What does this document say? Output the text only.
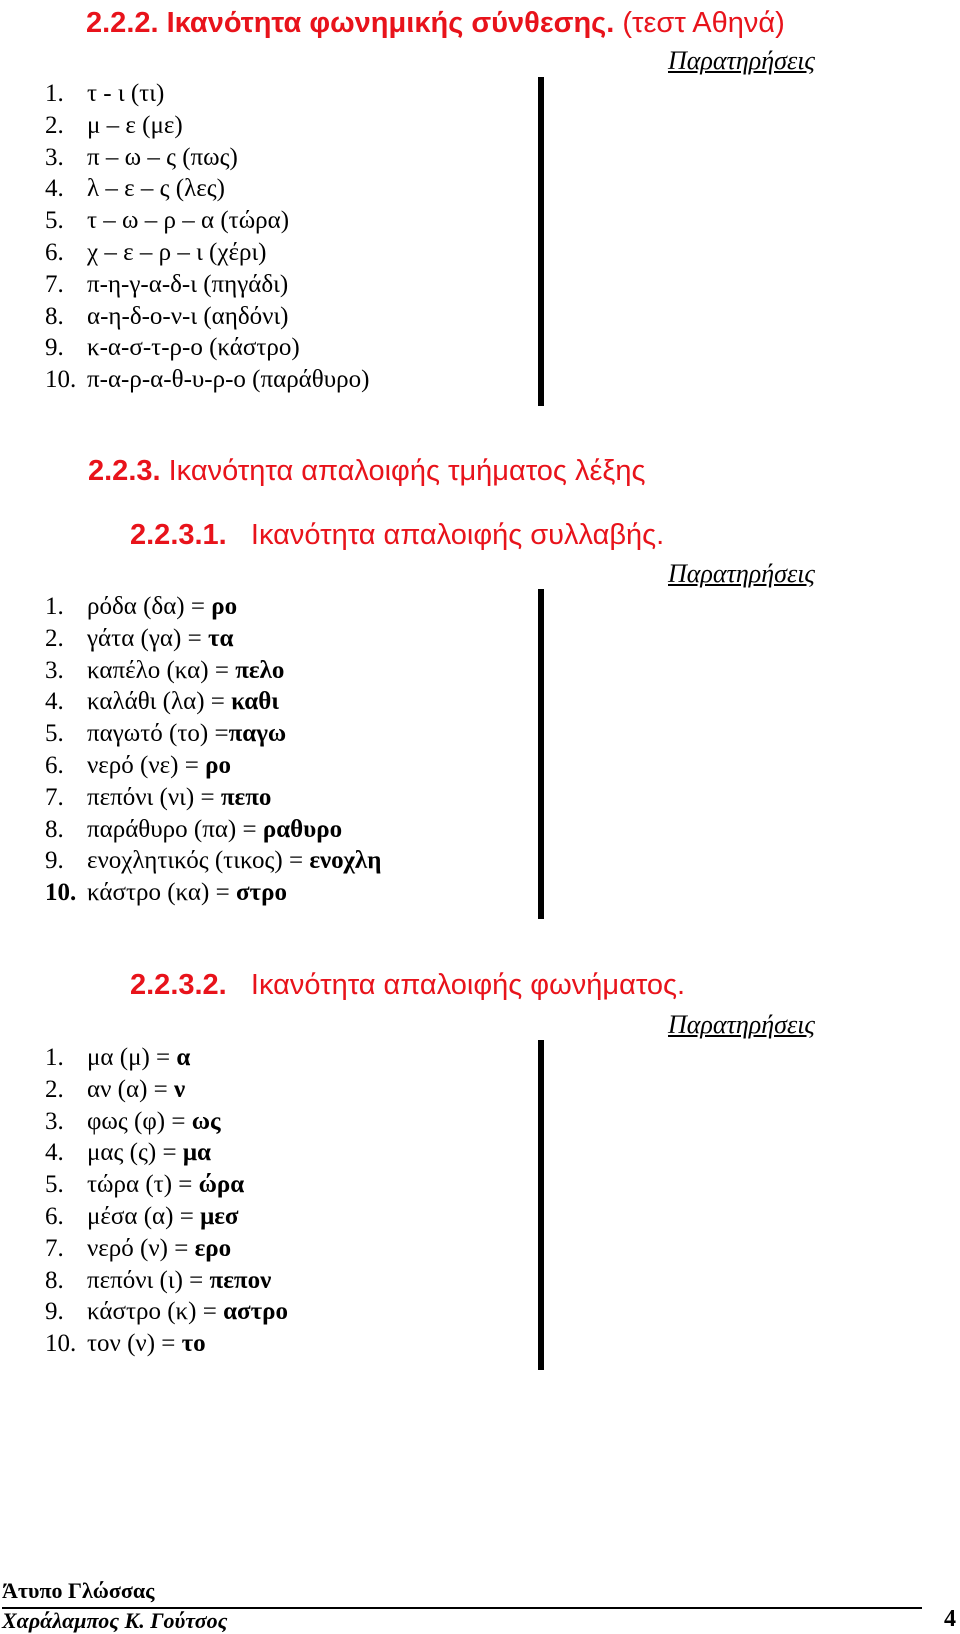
2.2.2. Ικανότητα φωνημικής σύνθεσης. (τεστ Αθηνά)
Παρατηρήσεις
1. τ - ι (τι)
2. μ – ε (με)
3. π – ω – ς (πως)
4. λ – ε – ς (λες)
5. τ – ω – ρ – α (τώρα)
6. χ – ε – ρ – ι (χέρι)
7. π-η-γ-α-δ-ι (πηγάδι)
8. α-η-δ-ο-ν-ι (αηδόνι)
9. κ-α-σ-τ-ρ-ο (κάστρο)
10. π-α-ρ-α-θ-υ-ρ-ο (παράθυρο)
2.2.3. Ικανότητα απαλοιφής τμήματος λέξης
2.2.3.1. Ικανότητα απαλοιφής συλλαβής.
Παρατηρήσεις
1. ρόδα (δα) = ρο
2. γάτα (γα) = τα
3. καπέλο (κα) = πελο
4. καλάθι (λα) = καθι
5. παγωτό (το) =παγω
6. νερό (νε) = ρο
7. πεπόνι (νι) = πεπο
8. παράθυρο (πα) = ραθυρο
9. ενοχλητικός (τικος) = ενοχλη
10. κάστρο (κα) = στρο
2.2.3.2. Ικανότητα απαλοιφής φωνήματος.
Παρατηρήσεις
1. μα (μ) = α
2. αν (α) = ν
3. φως (φ) = ως
4. μας (ς) = μα
5. τώρα (τ) = ώρα
6. μέσα (α) = μεσ
7. νερό (ν) = ερο
8. πεπόνι (ι) = πεπον
9. κάστρο (κ) = αστρο
10. τον (ν) = το
Άτυπο Γλώσσας
Χαράλαμπος Κ. Γούτσος	4
